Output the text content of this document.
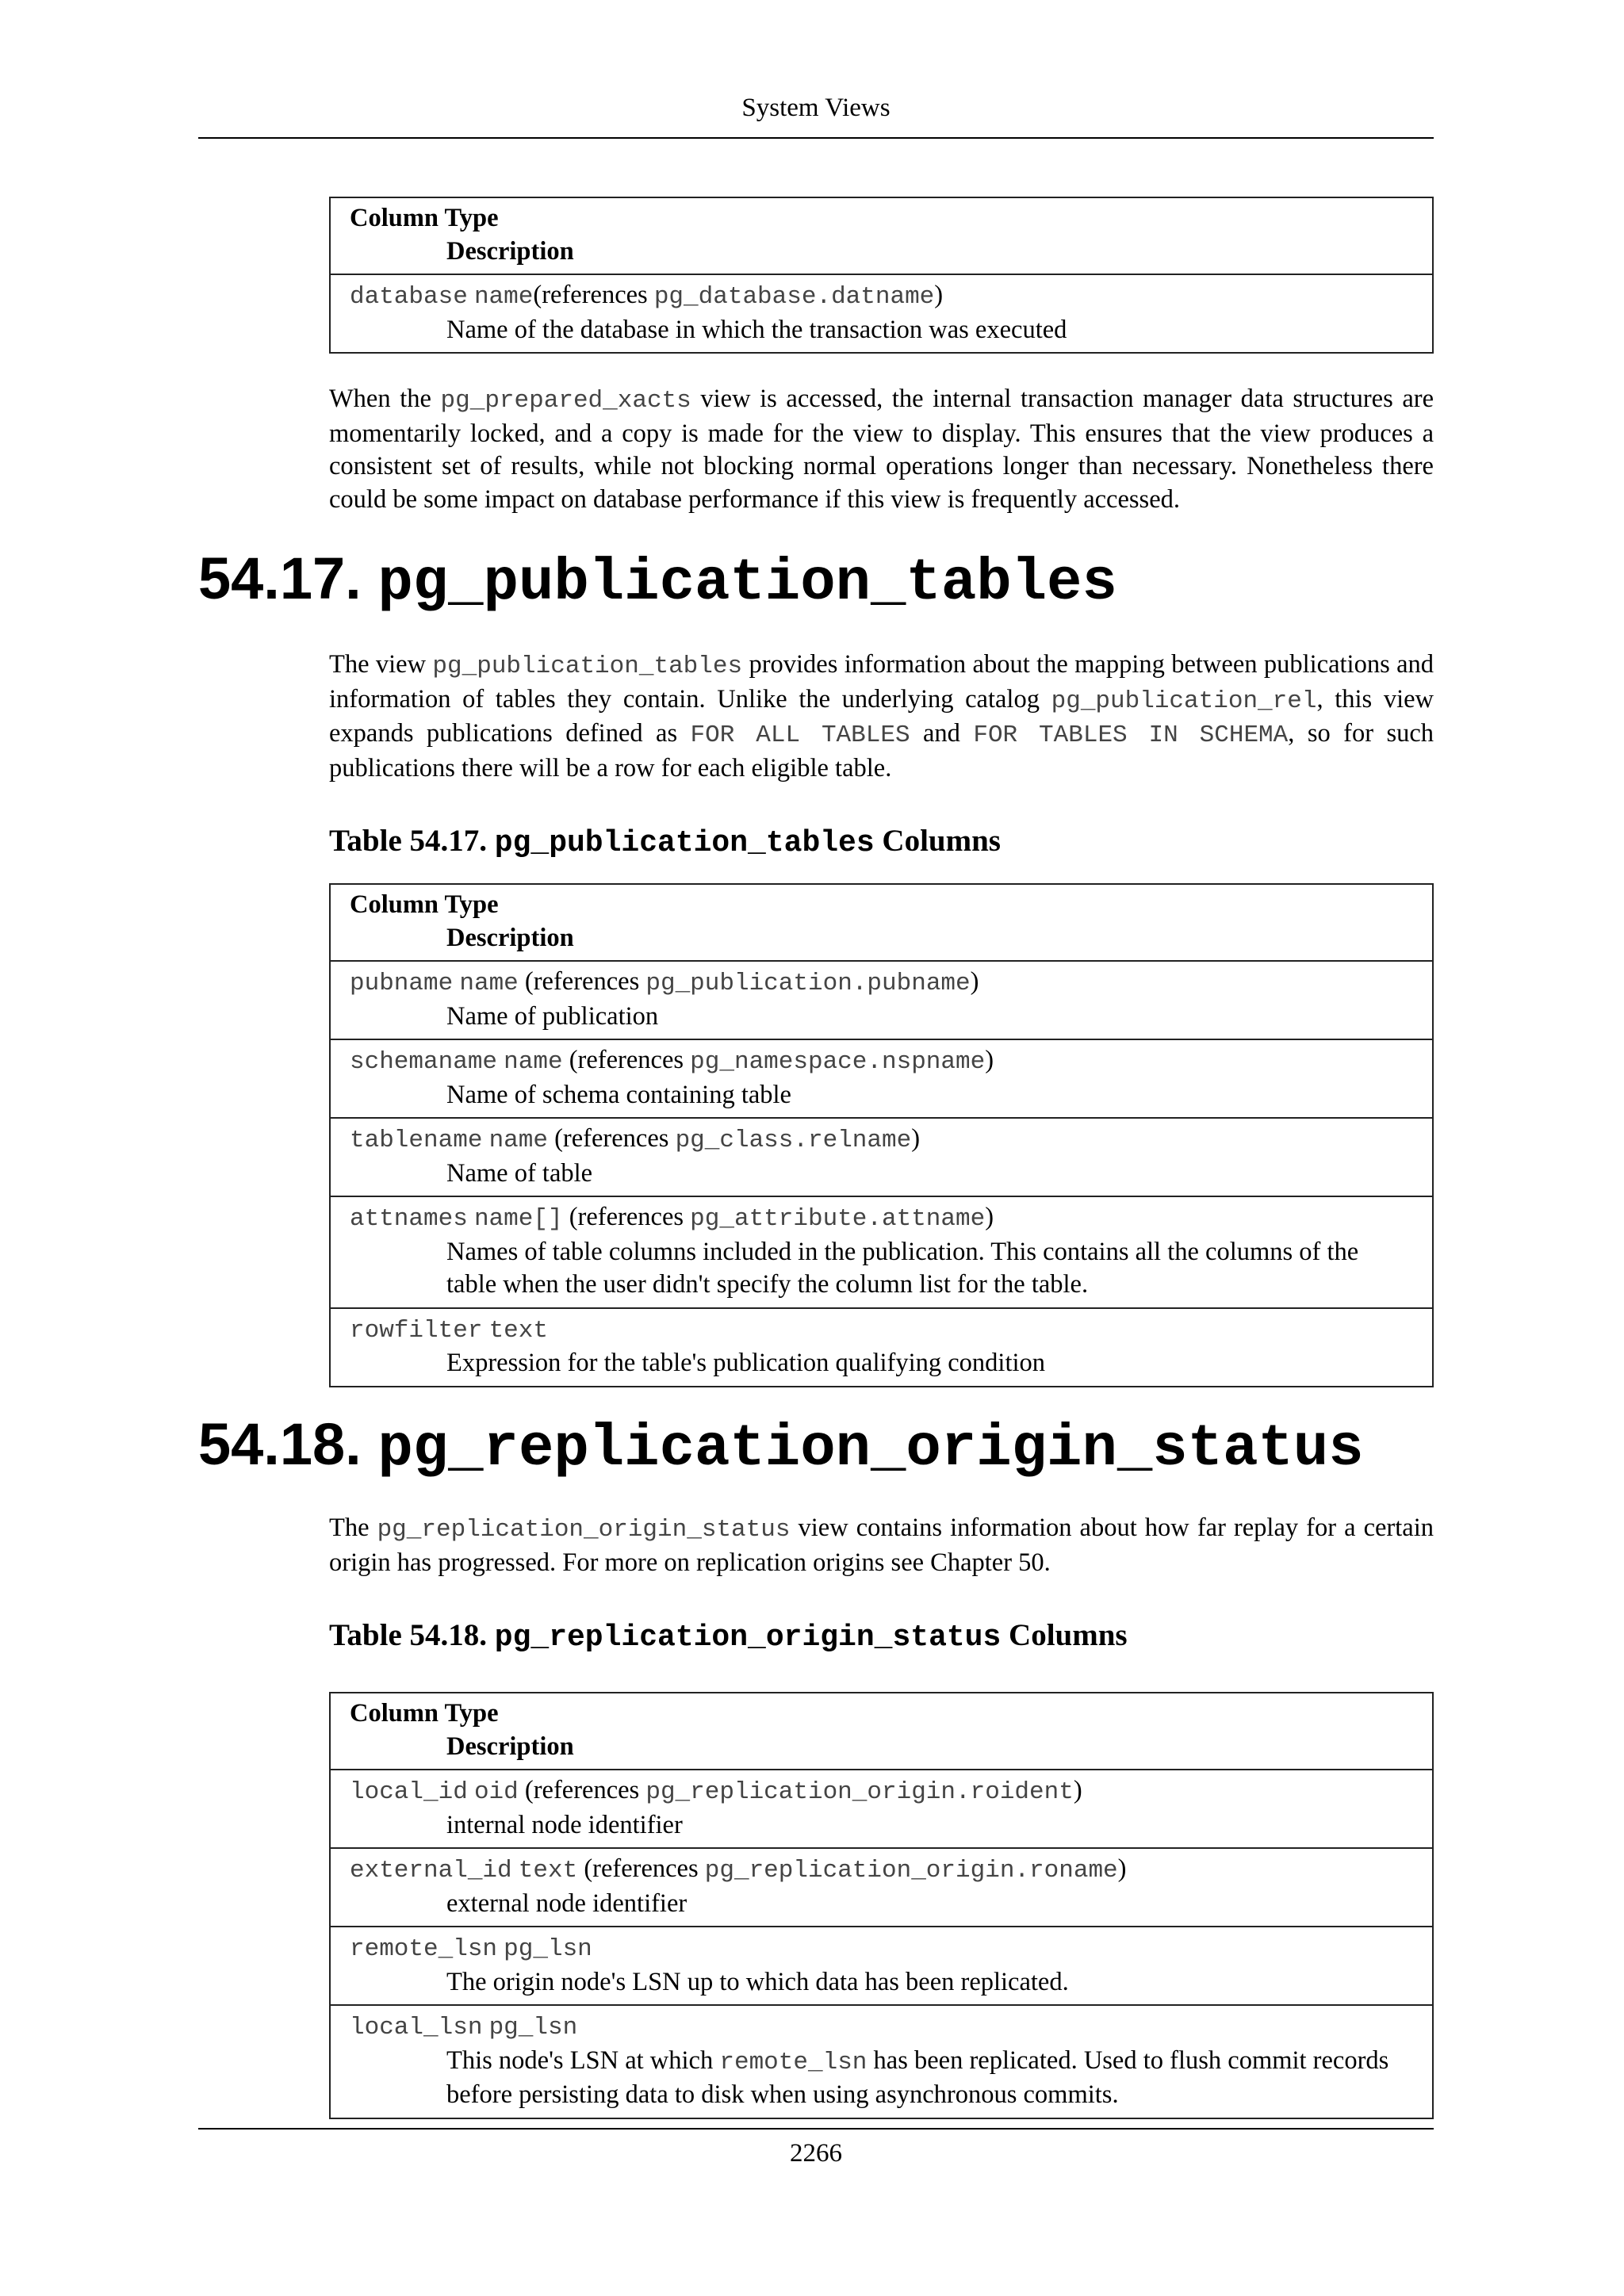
System Views
Column Type
Description

database name(references pg_database.datname)
Name of the database in which the transaction was executed

When the pg_prepared_xacts view is accessed, the internal transaction manager data structures are momentarily locked, and a copy is made for the view to display. This ensures that the view produces a consistent set of results, while not blocking normal operations longer than necessary. Nonetheless there could be some impact on database performance if this view is frequently accessed.

54.17. pg_publication_tables

The view pg_publication_tables provides information about the mapping between publications and information of tables they contain. Unlike the underlying catalog pg_publication_rel, this view expands publications defined as FOR ALL TABLES and FOR TABLES IN SCHEMA, so for such publications there will be a row for each eligible table.

Table 54.17. pg_publication_tables Columns
Column Type
Description

pubname name (references pg_publication.pubname)
Name of publication

schemaname name (references pg_namespace.nspname)
Name of schema containing table

tablename name (references pg_class.relname)
Name of table

attnames name[] (references pg_attribute.attname)
Names of table columns included in the publication. This contains all the columns of the table when the user didn't specify the column list for the table.

rowfilter text
Expression for the table's publication qualifying condition
54.18. pg_replication_origin_status

The pg_replication_origin_status view contains information about how far replay for a certain origin has progressed. For more on replication origins see Chapter 50.

Table 54.18. pg_replication_origin_status Columns
Column Type
Description

local_id oid (references pg_replication_origin.roident)
internal node identifier

external_id text (references pg_replication_origin.roname)
external node identifier

remote_lsn pg_lsn
The origin node's LSN up to which data has been replicated.

local_lsn pg_lsn
This node's LSN at which remote_lsn has been replicated. Used to flush commit records before persisting data to disk when using asynchronous commits.
2266
